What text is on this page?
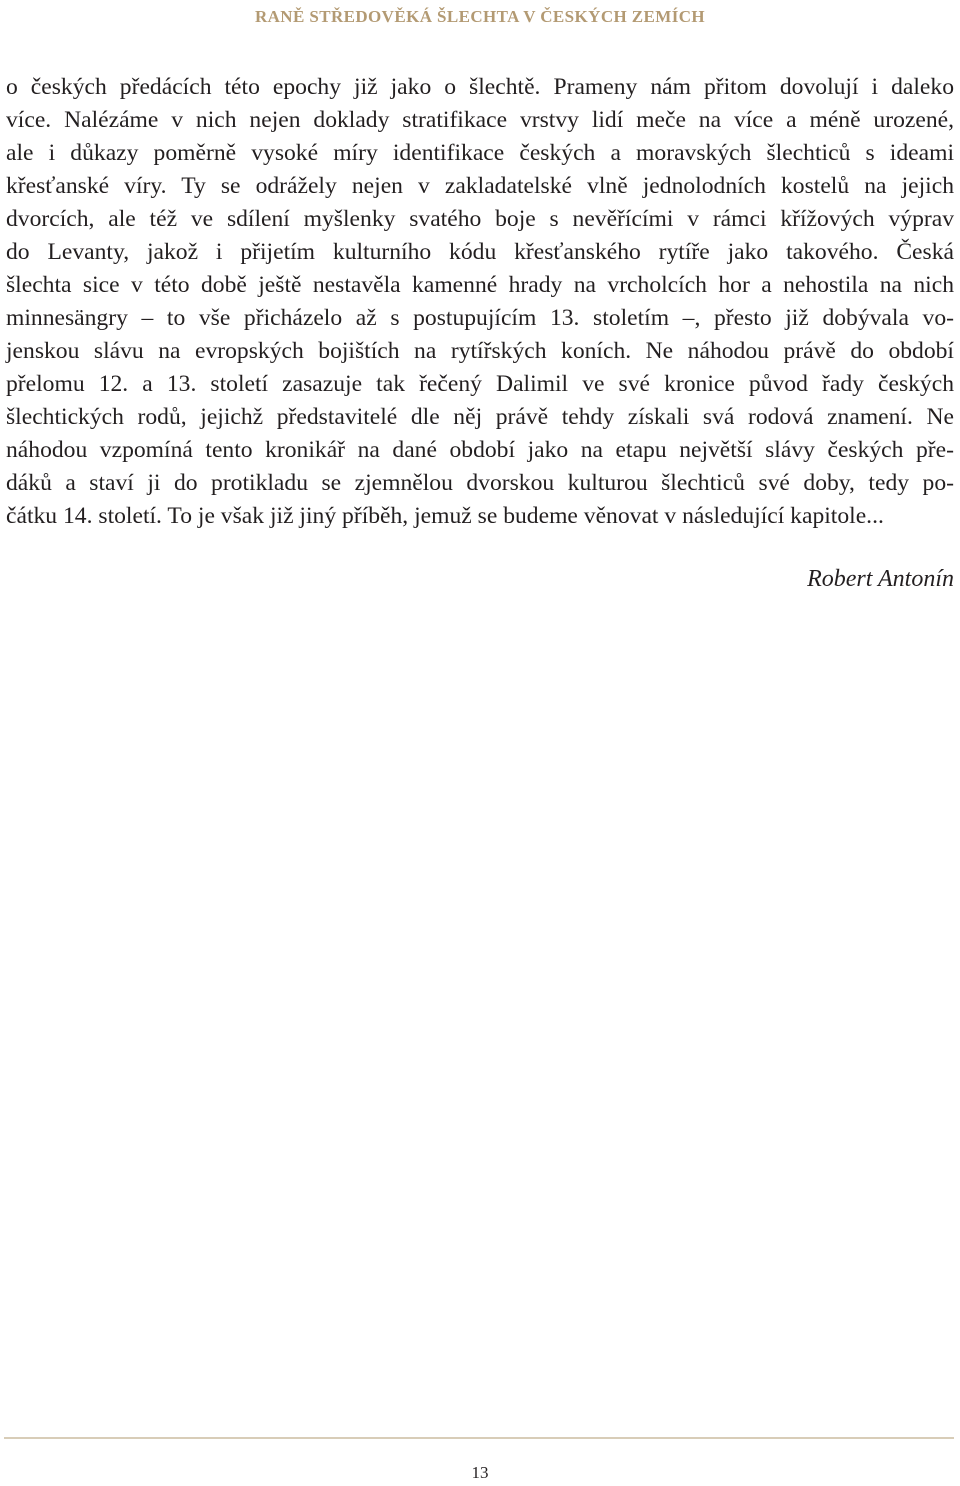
RANĚ STŘEDOVĚKÁ ŠLECHTA V ČESKÝCH ZEMÍCH

o českých předácích této epochy již jako o šlechtě. Prameny nám přitom dovolují i daleko
více. Nalézáme v nich nejen doklady stratifikace vrstvy lidí meče na více a méně urozené,
ale i důkazy poměrně vysoké míry identifikace českých a moravských šlechticů s ideami
křesťanské víry. Ty se odrážely nejen v zakladatelské vlně jednolodních kostelů na jejich
dvorcích, ale též ve sdílení myšlenky svatého boje s nevěřícími v rámci křížových výprav
do Levanty, jakož i přijetím kulturního kódu křesťanského rytíře jako takového. Česká
šlechta sice v této době ještě nestavěla kamenné hrady na vrcholcích hor a nehostila na nich
minnesängry – to vše přicházelo až s postupujícím 13. stoletím –, přesto již dobývala vo-
jenskou slávu na evropských bojištích na rytířských koních. Ne náhodou právě do období
přelomu 12. a 13. století zasazuje tak řečený Dalimil ve své kronice původ řady českých
šlechtických rodů, jejichž představitelé dle něj právě tehdy získali svá rodová znamení. Ne
náhodou vzpomíná tento kronikář na dané období jako na etapu největší slávy českých pře-
dáků a staví ji do protikladu se zjemnělou dvorskou kulturou šlechticů své doby, tedy po-
čátku 14. století. To je však již jiný příběh, jemuž se budeme věnovat v následující kapitole...

Robert Antonín
13
